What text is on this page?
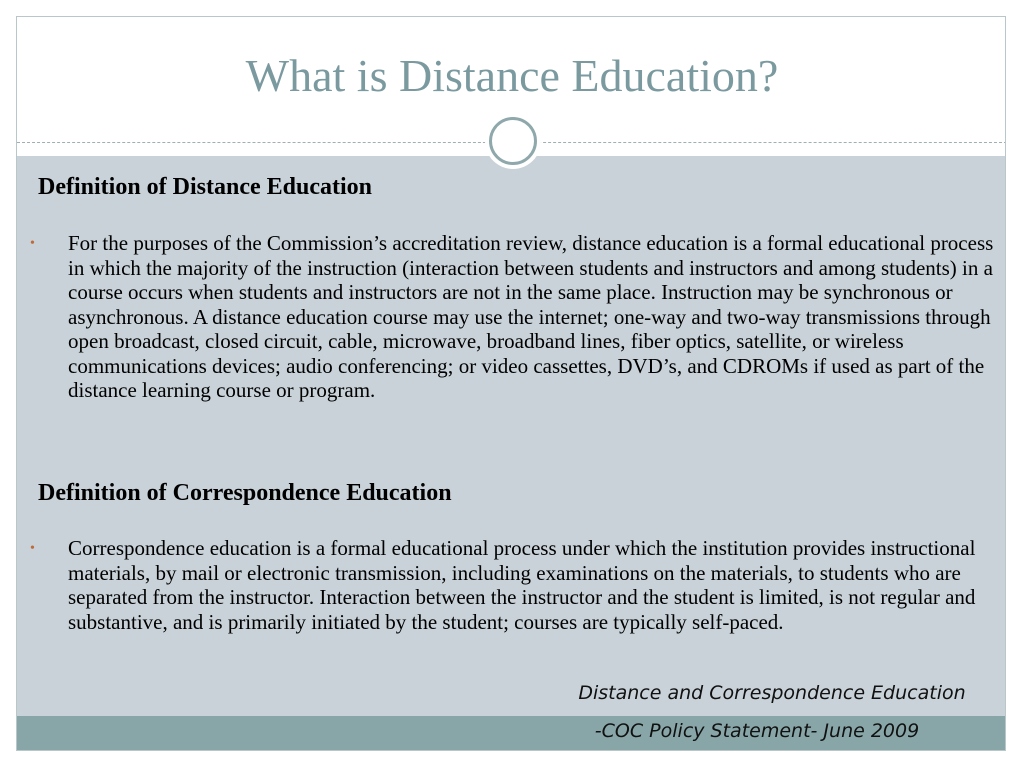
What is Distance Education?
Definition of Distance Education
• For the purposes of the Commission’s accreditation review, distance education is a formal educational process in which the majority of the instruction (interaction between students and instructors and among students) in a course occurs when students and instructors are not in the same place. Instruction may be synchronous or asynchronous. A distance education course may use the internet; one-way and two-way transmissions through open broadcast, closed circuit, cable, microwave, broadband lines, fiber optics, satellite, or wireless communications devices; audio conferencing; or video cassettes, DVD’s, and CDROMs if used as part of the distance learning course or program.
Definition of Correspondence Education
• Correspondence education is a formal educational process under which the institution provides instructional materials, by mail or electronic transmission, including examinations on the materials, to students who are separated from the instructor. Interaction between the instructor and the student is limited, is not regular and substantive, and is primarily initiated by the student; courses are typically self-paced.
Distance and Correspondence Education
-COC Policy Statement- June 2009
